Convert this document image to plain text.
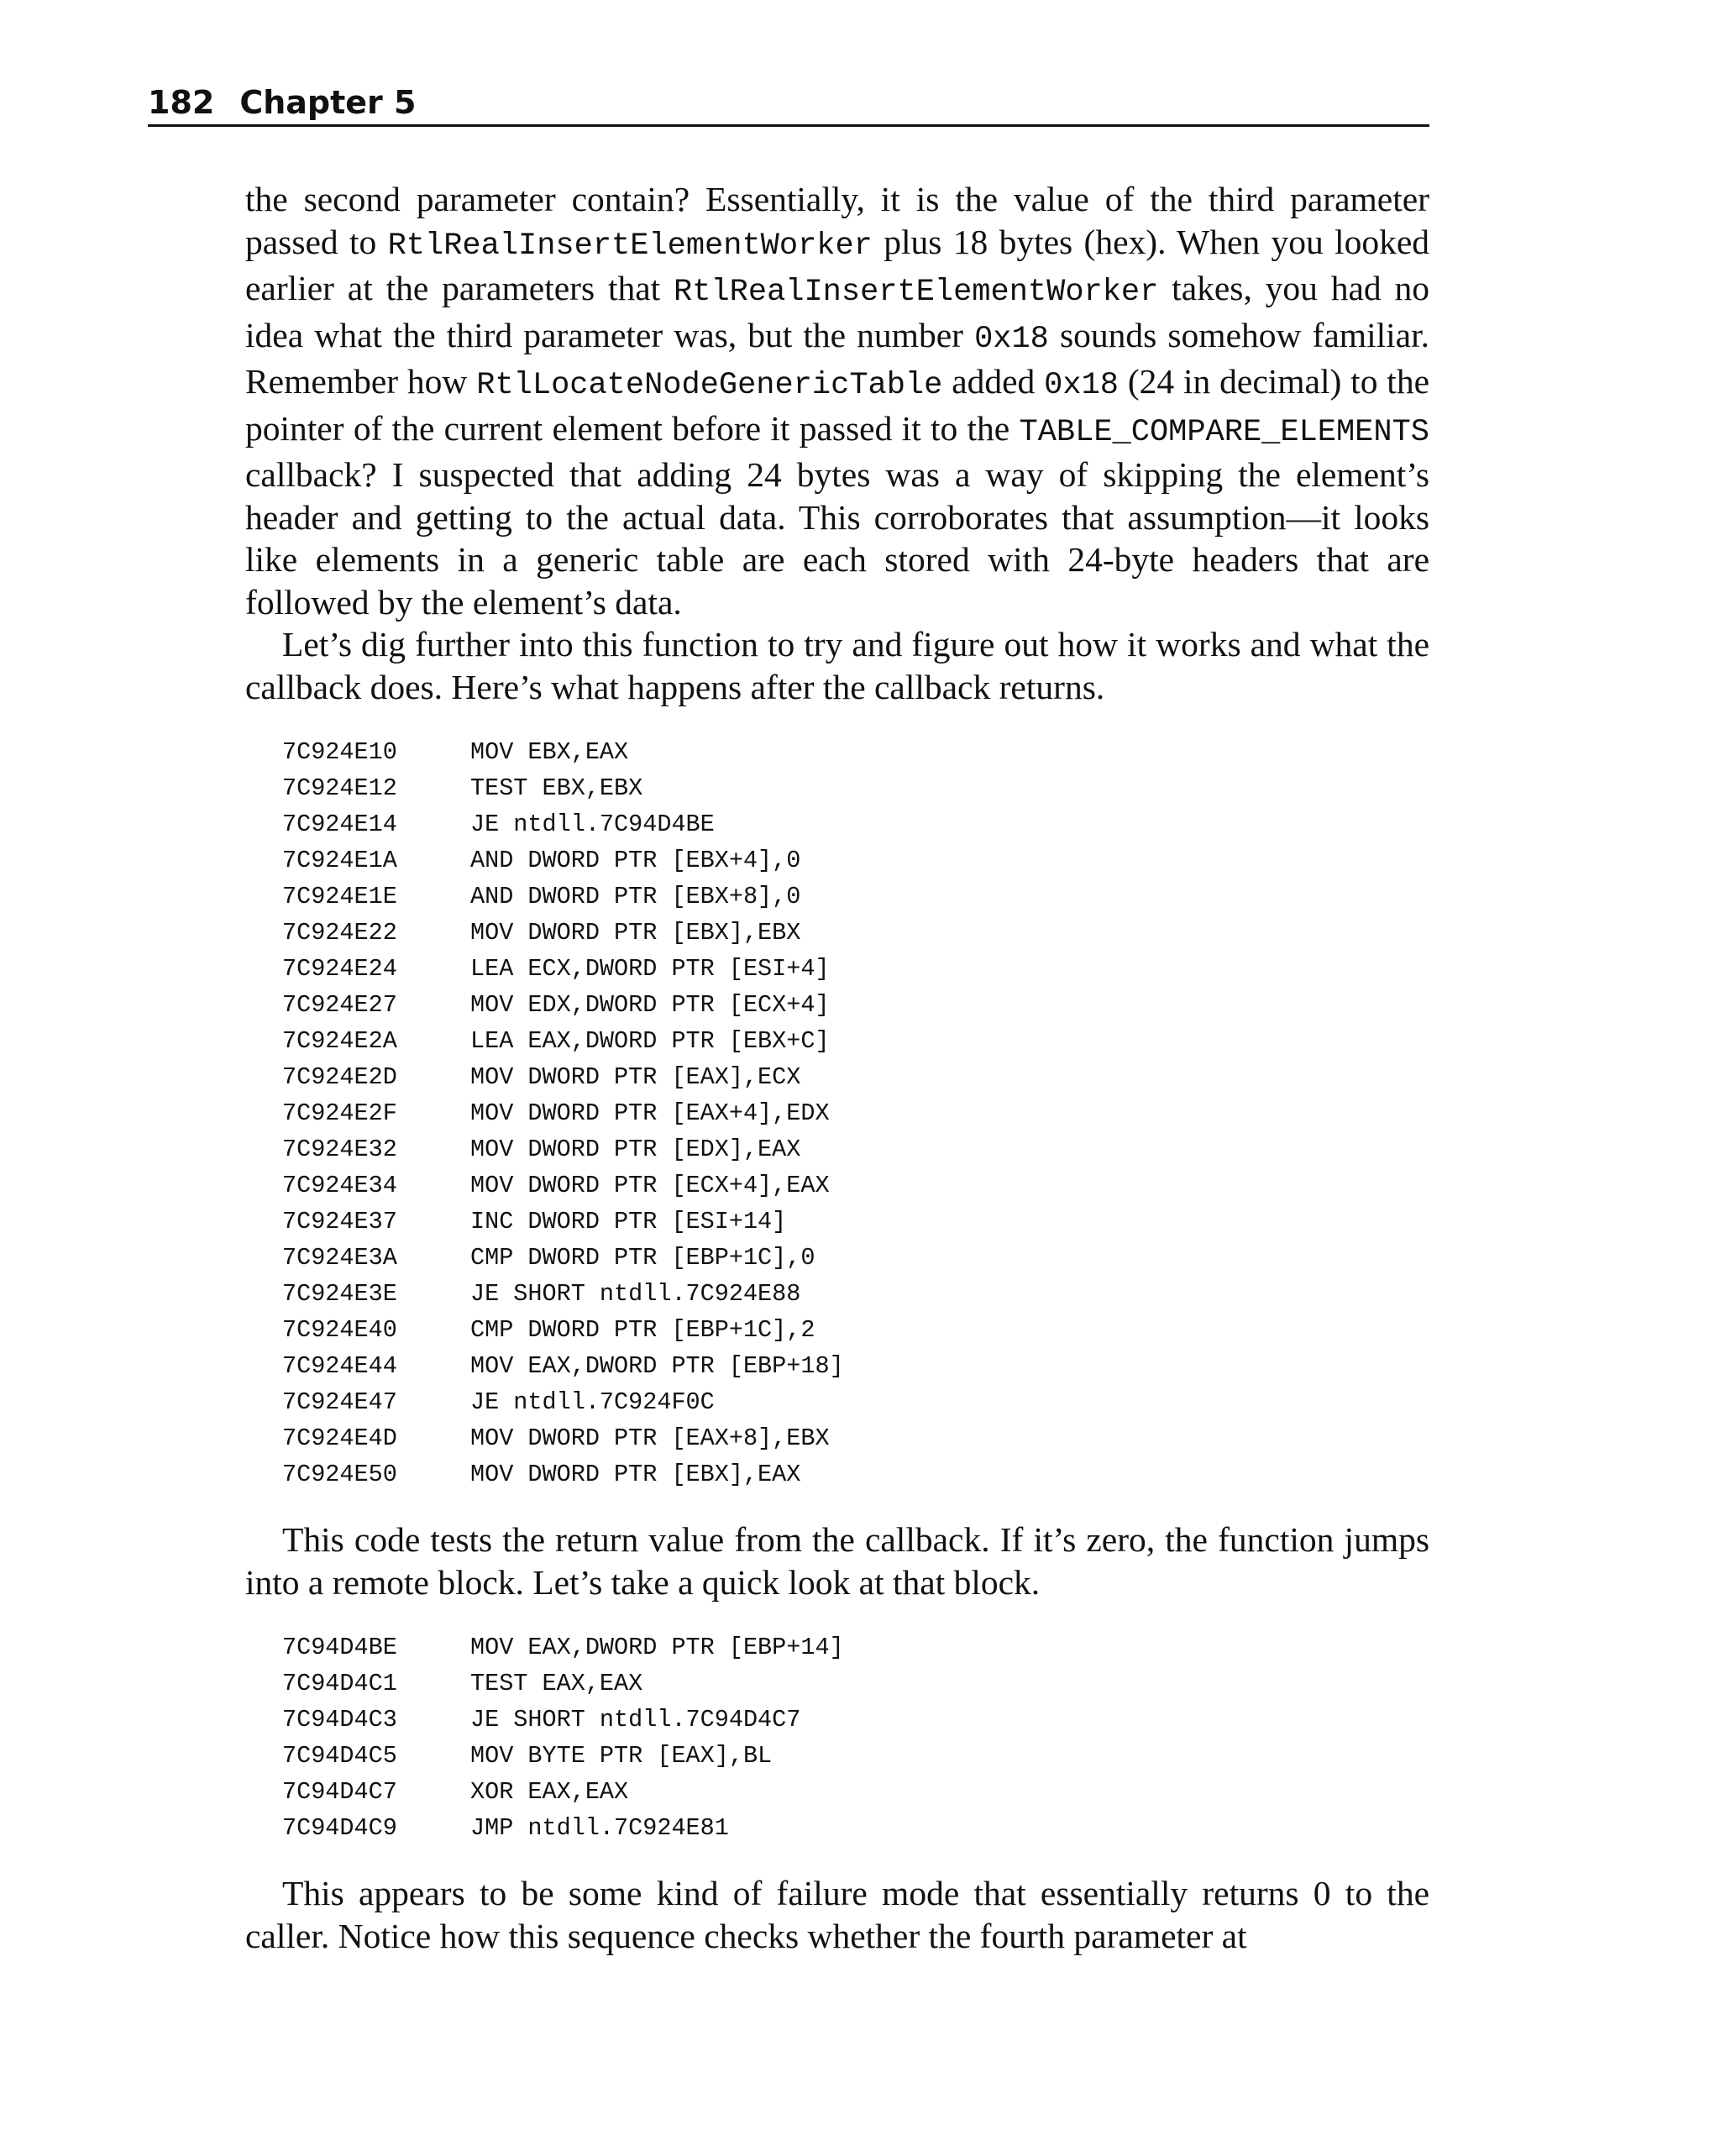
182 Chapter 5

the second parameter contain? Essentially, it is the value of the third parameter passed to RtlRealInsertElementWorker plus 18 bytes (hex). When you looked earlier at the parameters that RtlRealInsertElementWorker takes, you had no idea what the third parameter was, but the number 0x18 sounds somehow familiar. Remember how RtlLocateNodeGenericTable added 0x18 (24 in decimal) to the pointer of the current element before it passed it to the TABLE_COMPARE_ELEMENTS callback? I suspected that adding 24 bytes was a way of skipping the element’s header and getting to the actual data. This corroborates that assumption—it looks like elements in a generic table are each stored with 24-byte headers that are followed by the element’s data.

Let’s dig further into this function to try and figure out how it works and what the callback does. Here’s what happens after the callback returns.

7C924E10	MOV EBX,EAX
7C924E12	TEST EBX,EBX
7C924E14	JE ntdll.7C94D4BE
7C924E1A	AND DWORD PTR [EBX+4],0
7C924E1E	AND DWORD PTR [EBX+8],0
7C924E22	MOV DWORD PTR [EBX],EBX
7C924E24	LEA ECX,DWORD PTR [ESI+4]
7C924E27	MOV EDX,DWORD PTR [ECX+4]
7C924E2A	LEA EAX,DWORD PTR [EBX+C]
7C924E2D	MOV DWORD PTR [EAX],ECX
7C924E2F	MOV DWORD PTR [EAX+4],EDX
7C924E32	MOV DWORD PTR [EDX],EAX
7C924E34	MOV DWORD PTR [ECX+4],EAX
7C924E37	INC DWORD PTR [ESI+14]
7C924E3A	CMP DWORD PTR [EBP+1C],0
7C924E3E	JE SHORT ntdll.7C924E88
7C924E40	CMP DWORD PTR [EBP+1C],2
7C924E44	MOV EAX,DWORD PTR [EBP+18]
7C924E47	JE ntdll.7C924F0C
7C924E4D	MOV DWORD PTR [EAX+8],EBX
7C924E50	MOV DWORD PTR [EBX],EAX

This code tests the return value from the callback. If it’s zero, the function jumps into a remote block. Let’s take a quick look at that block.

7C94D4BE	MOV EAX,DWORD PTR [EBP+14]
7C94D4C1	TEST EAX,EAX
7C94D4C3	JE SHORT ntdll.7C94D4C7
7C94D4C5	MOV BYTE PTR [EAX],BL
7C94D4C7	XOR EAX,EAX
7C94D4C9	JMP ntdll.7C924E81

This appears to be some kind of failure mode that essentially returns 0 to the caller. Notice how this sequence checks whether the fourth parameter at
